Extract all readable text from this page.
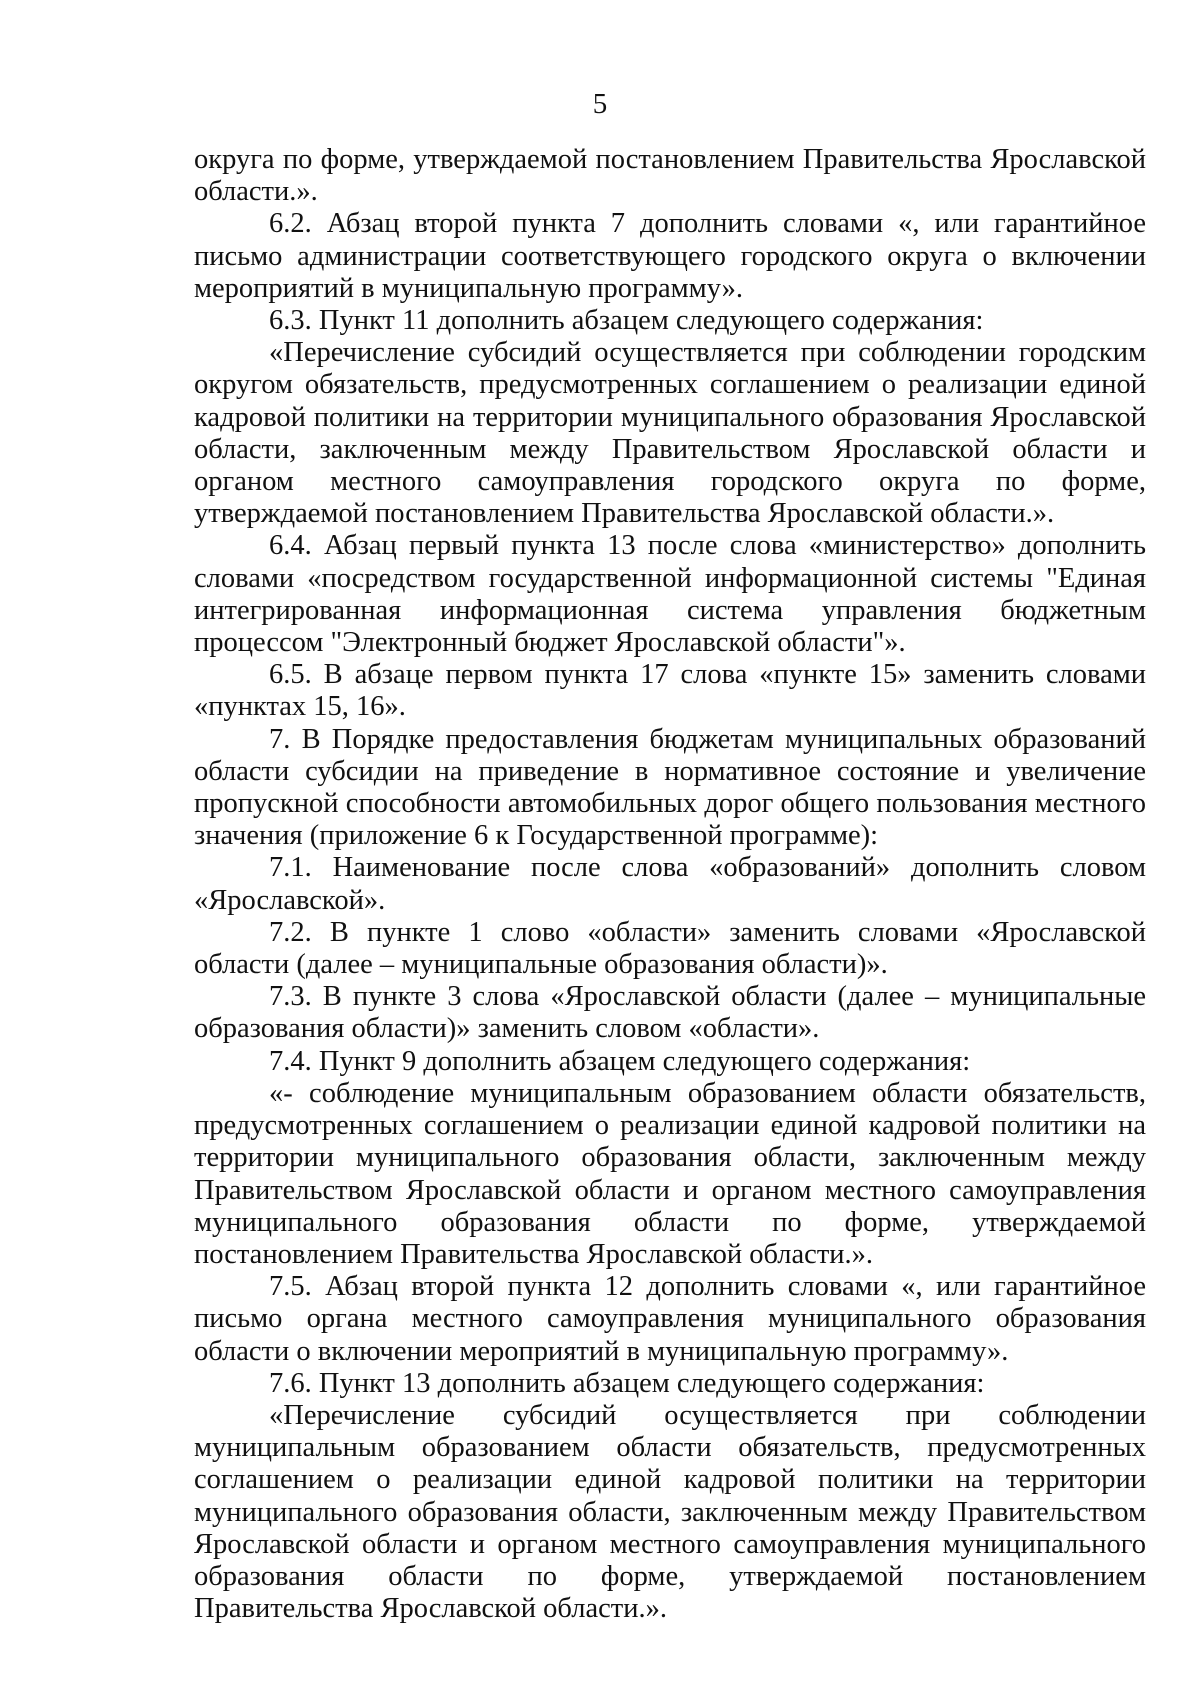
5

округа по форме, утверждаемой постановлением Правительства Ярославской области.».

6.2. Абзац второй пункта 7 дополнить словами «, или гарантийное письмо администрации соответствующего городского округа о включении мероприятий в муниципальную программу».

6.3. Пункт 11 дополнить абзацем следующего содержания:

«Перечисление субсидий осуществляется при соблюдении городским округом обязательств, предусмотренных соглашением о реализации единой кадровой политики на территории муниципального образования Ярославской области, заключенным между Правительством Ярославской области и органом местного самоуправления городского округа по форме, утверждаемой постановлением Правительства Ярославской области.».

6.4. Абзац первый пункта 13 после слова «министерство» дополнить словами «посредством государственной информационной системы "Единая интегрированная информационная система управления бюджетным процессом "Электронный бюджет Ярославской области"».

6.5. В абзаце первом пункта 17 слова «пункте 15» заменить словами «пунктах 15, 16».

7. В Порядке предоставления бюджетам муниципальных образований области субсидии на приведение в нормативное состояние и увеличение пропускной способности автомобильных дорог общего пользования местного значения (приложение 6 к Государственной программе):

7.1. Наименование после слова «образований» дополнить словом «Ярославской».

7.2. В пункте 1 слово «области» заменить словами «Ярославской области (далее – муниципальные образования области)».

7.3. В пункте 3 слова «Ярославской области (далее – муниципальные образования области)» заменить словом «области».

7.4. Пункт 9 дополнить абзацем следующего содержания:

«- соблюдение муниципальным образованием области обязательств, предусмотренных соглашением о реализации единой кадровой политики на территории муниципального образования области, заключенным между Правительством Ярославской области и органом местного самоуправления муниципального образования области по форме, утверждаемой постановлением Правительства Ярославской области.».

7.5. Абзац второй пункта 12 дополнить словами «, или гарантийное письмо органа местного самоуправления муниципального образования области о включении мероприятий в муниципальную программу».

7.6. Пункт 13 дополнить абзацем следующего содержания:

«Перечисление субсидий осуществляется при соблюдении муниципальным образованием области обязательств, предусмотренных соглашением о реализации единой кадровой политики на территории муниципального образования области, заключенным между Правительством Ярославской области и органом местного самоуправления муниципального образования области по форме, утверждаемой постановлением Правительства Ярославской области.».
